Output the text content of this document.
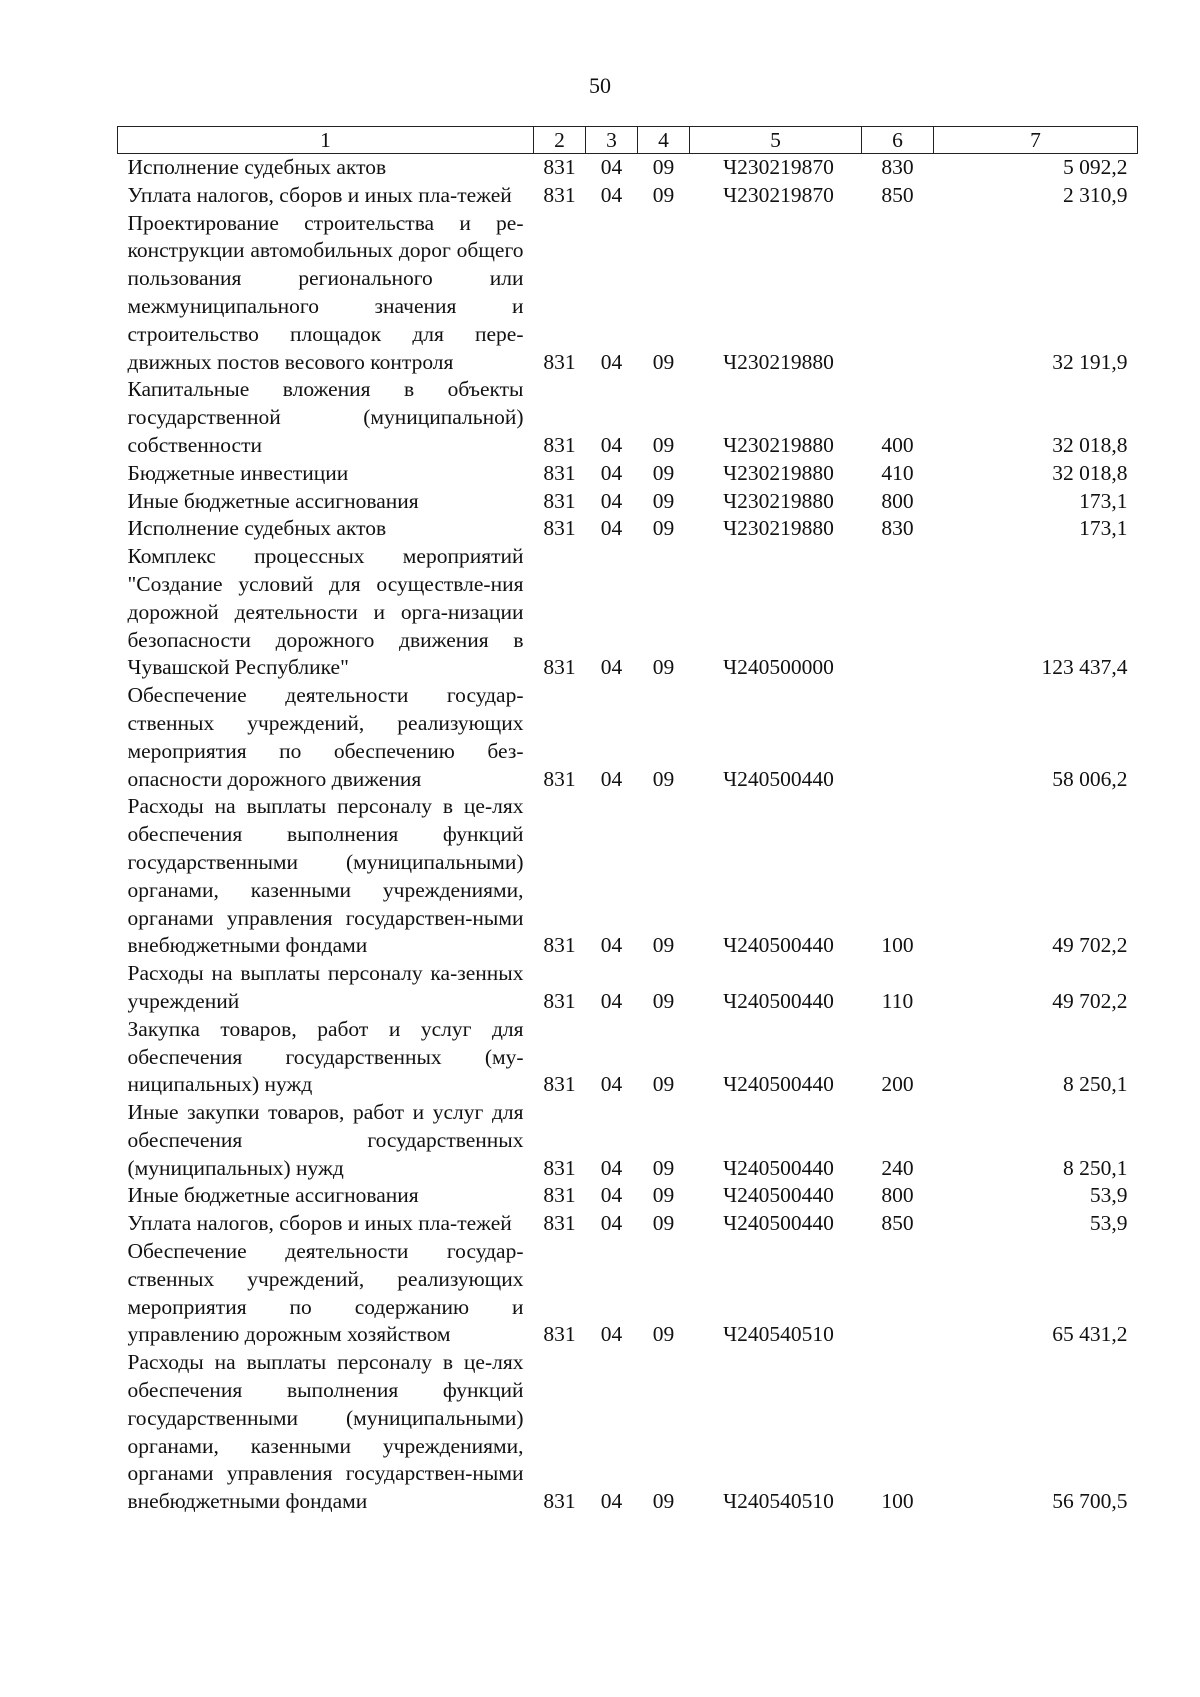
50
1	2	3	4	5	6	7
Исполнение судебных актов	831	04	09	Ч230219870	830	5 092,2
Уплата налогов, сборов и иных пла-тежей	831	04	09	Ч230219870	850	2 310,9
Проектирование строительства и ре-конструкции автомобильных дорог общего пользования регионального или межмуниципального значения и строительство площадок для пере-движных постов весового контроля	831	04	09	Ч230219880		32 191,9
Капитальные вложения в объекты государственной (муниципальной) собственности	831	04	09	Ч230219880	400	32 018,8
Бюджетные инвестиции	831	04	09	Ч230219880	410	32 018,8
Иные бюджетные ассигнования	831	04	09	Ч230219880	800	173,1
Исполнение судебных актов	831	04	09	Ч230219880	830	173,1
Комплекс процессных мероприятий "Создание условий для осуществле-ния дорожной деятельности и орга-низации безопасности дорожного движения в Чувашской Республике"	831	04	09	Ч240500000		123 437,4
Обеспечение деятельности государ-ственных учреждений, реализующих мероприятия по обеспечению без-опасности дорожного движения	831	04	09	Ч240500440		58 006,2
Расходы на выплаты персоналу в це-лях обеспечения выполнения функций государственными (муниципальными) органами, казенными учреждениями, органами управления государствен-ными внебюджетными фондами	831	04	09	Ч240500440	100	49 702,2
Расходы на выплаты персоналу ка-зенных учреждений	831	04	09	Ч240500440	110	49 702,2
Закупка товаров, работ и услуг для обеспечения государственных (му-ниципальных) нужд	831	04	09	Ч240500440	200	8 250,1
Иные закупки товаров, работ и услуг для обеспечения государственных (муниципальных) нужд	831	04	09	Ч240500440	240	8 250,1
Иные бюджетные ассигнования	831	04	09	Ч240500440	800	53,9
Уплата налогов, сборов и иных пла-тежей	831	04	09	Ч240500440	850	53,9
Обеспечение деятельности государ-ственных учреждений, реализующих мероприятия по содержанию и управлению дорожным хозяйством	831	04	09	Ч240540510		65 431,2
Расходы на выплаты персоналу в це-лях обеспечения выполнения функций государственными (муниципальными) органами, казенными учреждениями, органами управления государствен-ными внебюджетными фондами	831	04	09	Ч240540510	100	56 700,5
